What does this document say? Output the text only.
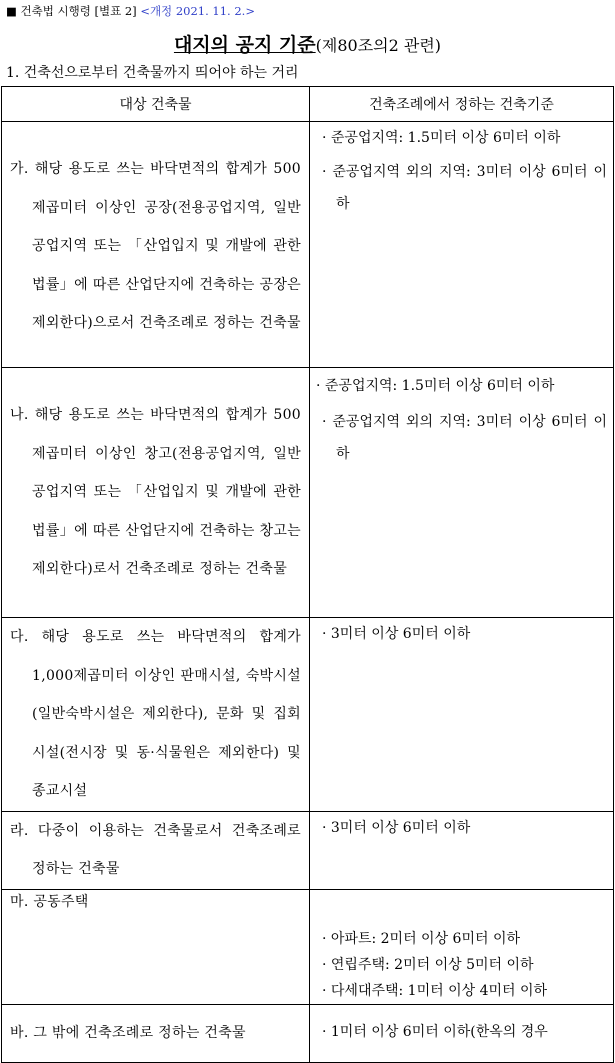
■ 건축법 시행령 [별표 2] <개정 2021. 11. 2.>
대지의 공지 기준(제80조의2 관련)
1. 건축선으로부터 건축물까지 띄어야 하는 거리
대상 건축물	건축조례에서 정하는 건축기준

가. 해당 용도로 쓰는 바닥면적의 합계가 500제곱미터 이상인 공장(전용공업지역, 일반공업지역 또는 「산업입지 및 개발에 관한 법률」에 따른 산업단지에 건축하는 공장은 제외한다)으로서 건축조례로 정하는 건축물	· 준공업지역: 1.5미터 이상 6미터 이하
· 준공업지역 외의 지역: 3미터 이상 6미터 이하

나. 해당 용도로 쓰는 바닥면적의 합계가 500제곱미터 이상인 창고(전용공업지역, 일반공업지역 또는 「산업입지 및 개발에 관한 법률」에 따른 산업단지에 건축하는 창고는 제외한다)로서 건축조례로 정하는 건축물	· 준공업지역: 1.5미터 이상 6미터 이하
· 준공업지역 외의 지역: 3미터 이상 6미터 이하

다. 해당 용도로 쓰는 바닥면적의 합계가 1,000제곱미터 이상인 판매시설, 숙박시설(일반숙박시설은 제외한다), 문화 및 집회시설(전시장 및 동·식물원은 제외한다) 및 종교시설	· 3미터 이상 6미터 이하

라. 다중이 이용하는 건축물로서 건축조례로 정하는 건축물	· 3미터 이상 6미터 이하

마. 공동주택	· 아파트: 2미터 이상 6미터 이하
· 연립주택: 2미터 이상 5미터 이하
· 다세대주택: 1미터 이상 4미터 이하

바. 그 밖에 건축조례로 정하는 건축물	· 1미터 이상 6미터 이하(한옥의 경우
